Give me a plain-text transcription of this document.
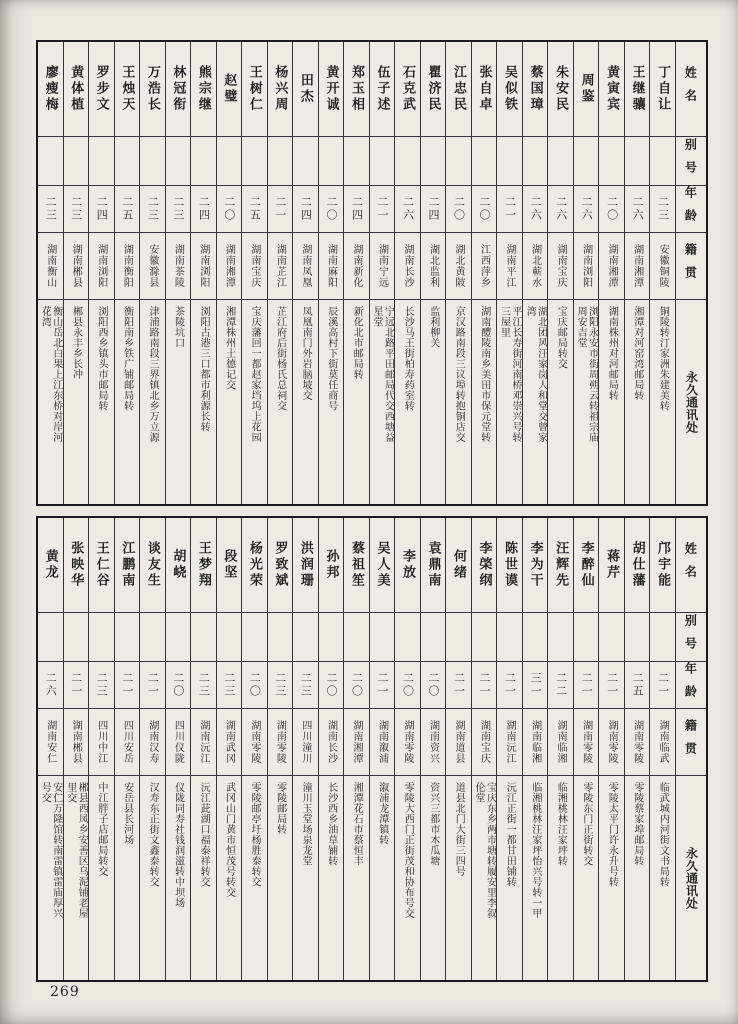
廖瘦梅
二三
湖南衡山
衡山岳北白果上江东桥对岸河花湾
黄体植
二三
湖南郴县
郴县永丰乡长冲
罗步文
二四
湖南浏阳
浏阳西乡镇头市邮局转
王烛天
二五
湖南衡阳
衡阳南乡铁广铺邮局转
万浩长
二三
安徽滁县
津浦路南段三界镇北乡万立源
林冠衔
二三
湖南茶陵
茶陵坑口
熊宗继
二四
湖南浏阳
浏阳古港三口都市利源长转
赵璧
二〇
湖南湘潭
湘潭株州土德记交
王树仁
二五
湖南宝庆
宝庆藩回一都赵家垱坞上花园
杨兴周
二一
湖南芷江
芷江府后街杨氏总祠交
田杰
二四
湖南凤凰
凤凰南门外岩脑坡交
黄开诚
二〇
湖南麻阳
辰溪高村下街莫任商号
郑玉相
二四
湖南新化
新化北市邮局转
伍子述
二一
湖南宁远
宁远北路平田邮局代交西塘益星堂
石克武
二六
湖南长沙
长沙马王街柏寿药室转
瞿济民
二四
湖北监利
监利柳关
江忠民
二〇
湖北黄陂
京汉路南段三议埠转抱铜店交
张自卓
二〇
江西萍乡
湖南醴陵南乡美田市保元堂转
吴似铁
二一
湖南平江
平江长寿街河南桥邓崇兴号转三屋里
蔡国璋
二六
湖北蕲水
湖北团风汪家岗人和堂交曾家湾
朱安民
二六
湖南宝庆
宝庆邮局转交
周鉴
二六
湖南浏阳
浏阳永安市街周朔云转祖宗庙周安吉堂
黄寅宾
二〇
湖南湘潭
湖南株州对河邮局转
王继骧
二六
湖南湘潭
湘潭对河窑湾邮局转
丁自让
二三
安徽铜陵
铜陵转汀家洲朱建美转
姓名
别号
年龄
籍贯
永久通讯处
黄龙
二六
湖南安仁
安仁万隆馆转南雷镇雷庙厚兴号交
张映华
二一
湖南郴县
郴县西凤乡安善区乌泥铺老屋里交
王仁谷
二三
四川中江
中江胖子店邮局转交
江鹏南
二一
四川安岳
安岳县长河场
谈友生
二一
湖南汉寿
汉寿东正街文鑫泰转交
胡峣
二〇
四川仪陇
仪陇同寿社钱润滋转中坝场
王梦翔
二三
湖南沅江
沅江茈湖口福泰祥转交
段坚
二三
湖南武冈
武冈山门黄市恒茂号转交
杨光荣
二〇
湖南零陵
零陵邮亭圩杨胜泰转交
罗致斌
二三
湖南零陵
零陵邮局转
洪润珊
二三
四川潼川
潼川玉堂场泉龙堂
孙邦
二〇
湖南长沙
长沙西乡油草铺转
蔡祖笙
二〇
湖南湘潭
湘潭花石市蔡恒丰
吴人美
二一
湖南溆浦
溆浦龙潭镇转
李放
二〇
湖南零陵
零陵大西门正街茂和协布号交
袁鼎南
二〇
湖南资兴
资兴三都市木瓜塘
何绪
二一
湖南道县
道县北门大街三四号
李棨纲
二一
湖南宝庆
宝庆东乡两市塘转履安里李叙伦堂
陈世谟
二一
湖南沅江
沅江正街一都甘田铺转
李为干
三一
湖南临湘
临湘桃林汪家坪怡兴号转一甲
汪辉先
二二
湖南临湘
临湘桃林汪家坪转
李醉仙
二一
湖南零陵
零陵东门正街转交
蒋芹
二一
湖南零陵
零陵太平门许永升号转
胡仕藩
二五
湖南零陵
零陵蔡家埠邮局转
邝宇能
二一
湖南临武
临武城内河街文书局转
姓名
别号
年龄
籍贯
永久通讯处
269
